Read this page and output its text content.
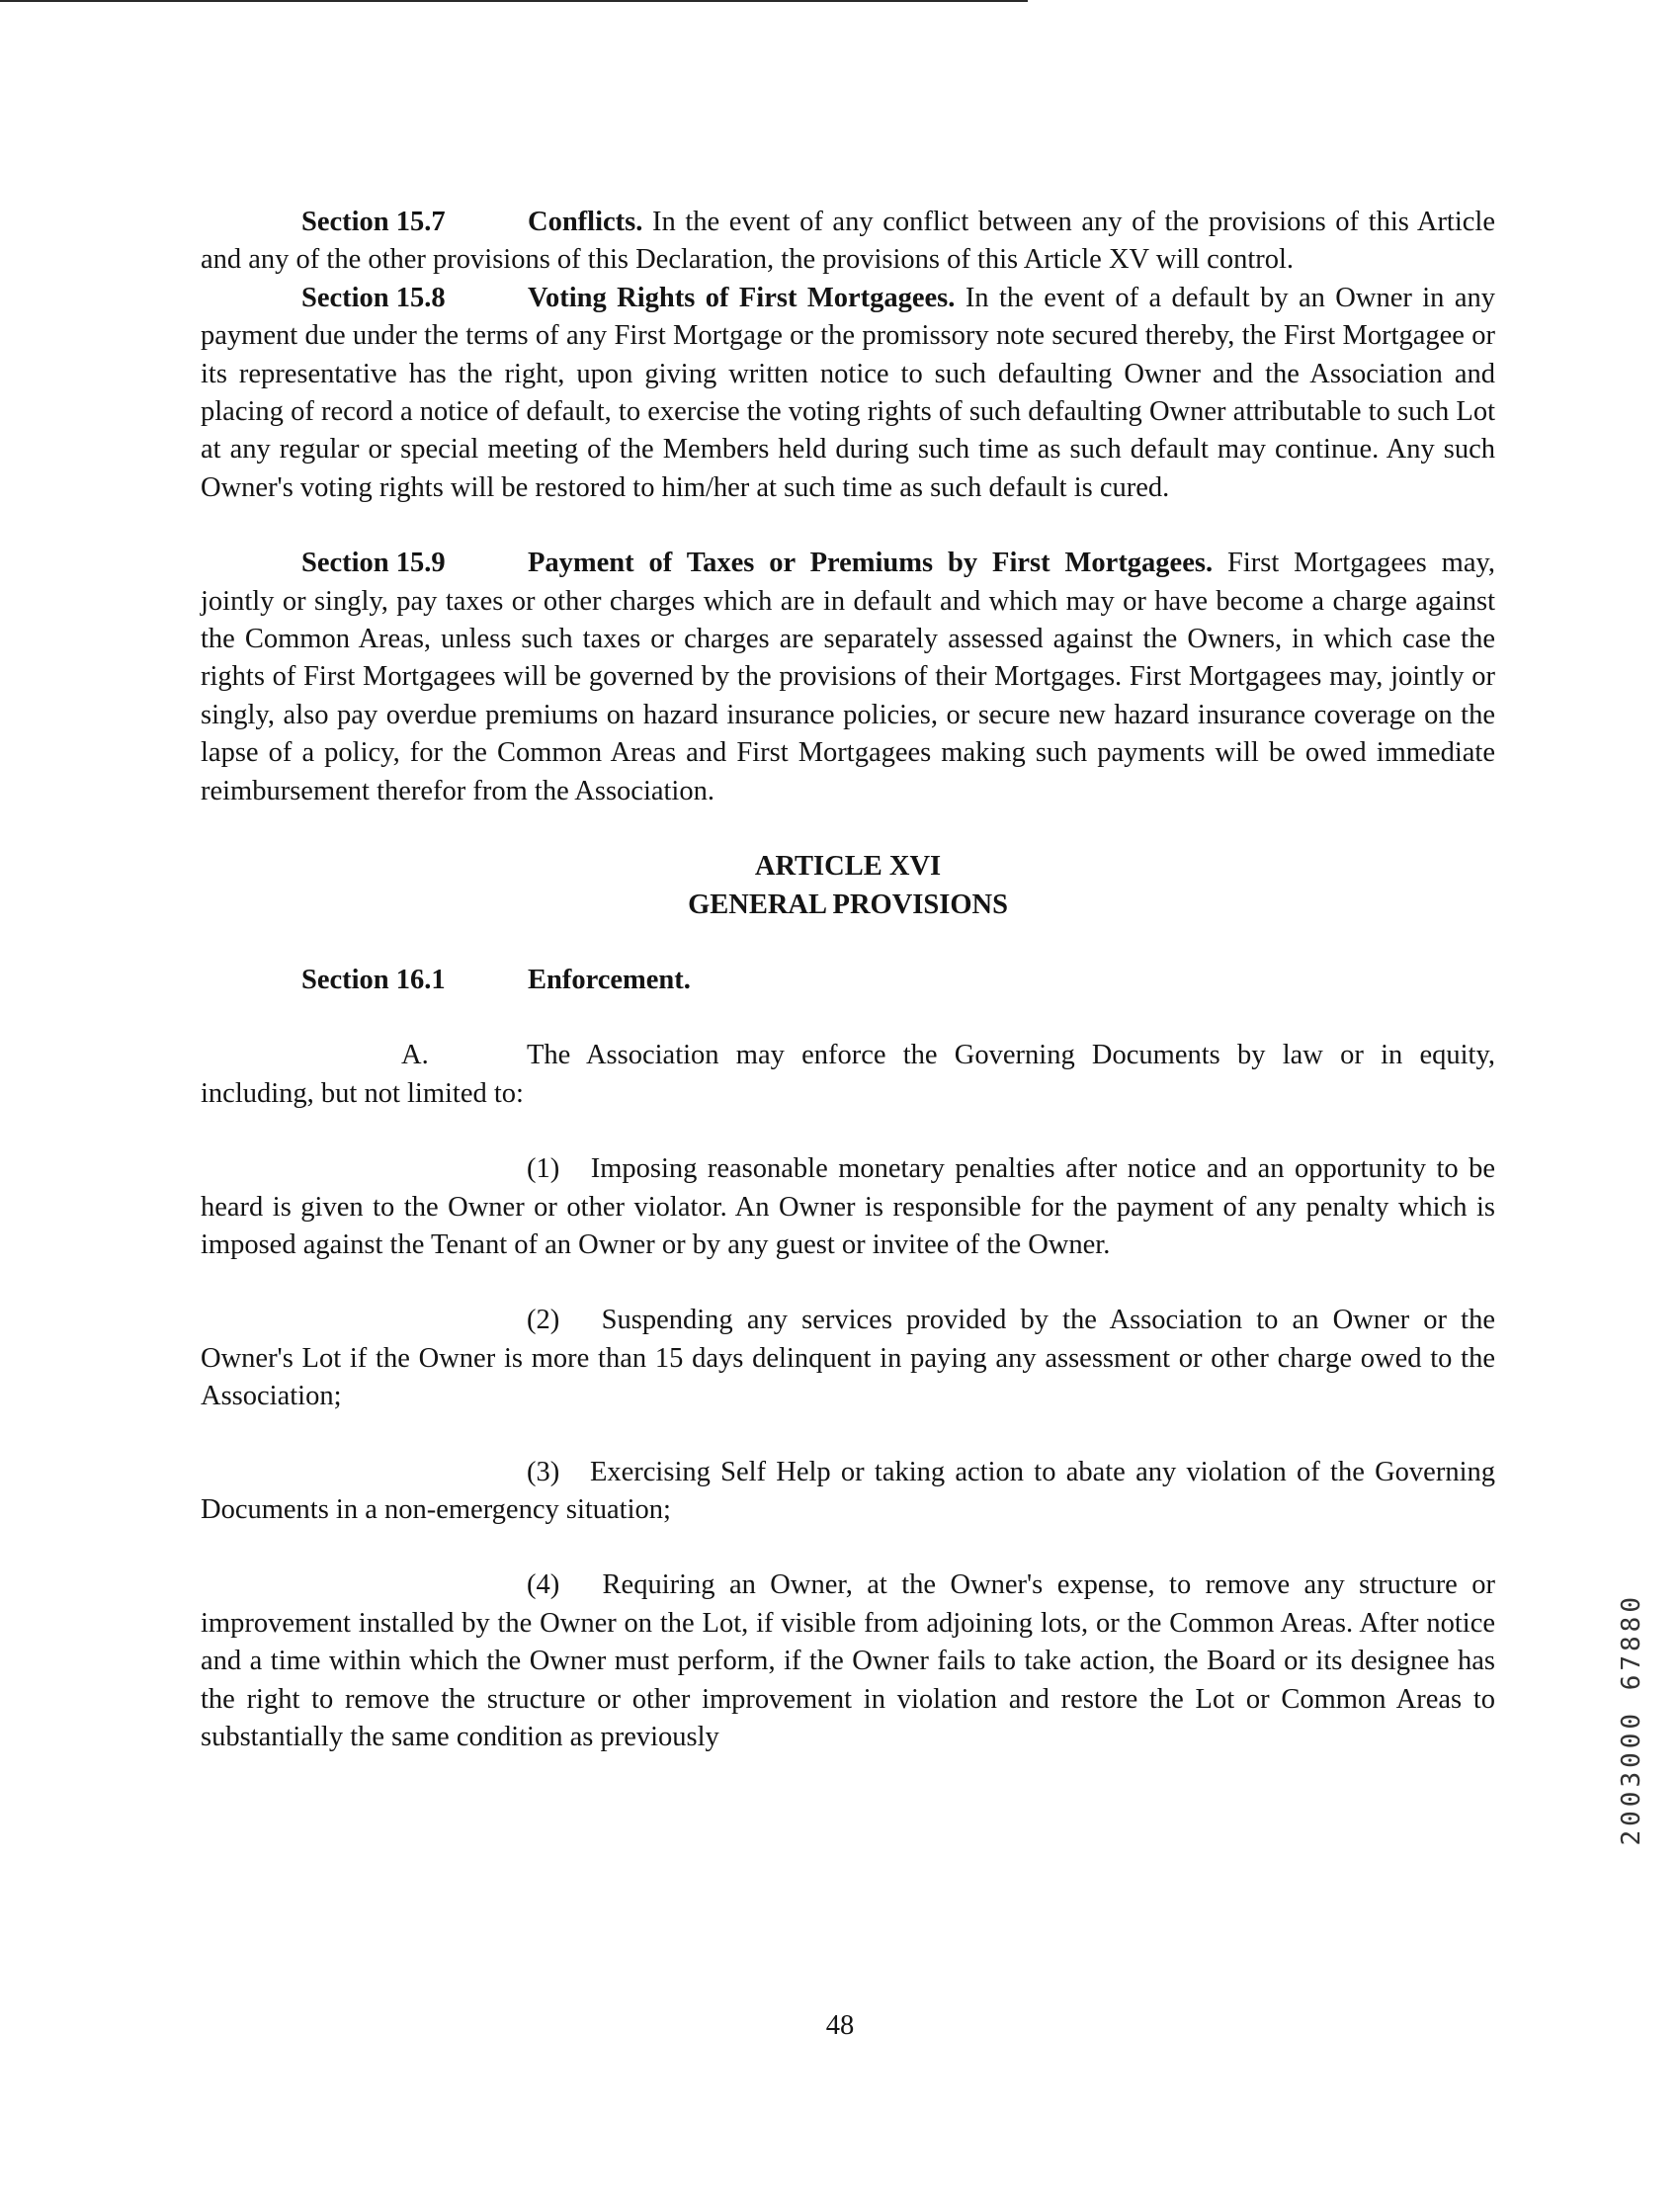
Section 15.7	Conflicts. In the event of any conflict between any of the provisions of this Article and any of the other provisions of this Declaration, the provisions of this Article XV will control.

Section 15.8	Voting Rights of First Mortgagees. In the event of a default by an Owner in any payment due under the terms of any First Mortgage or the promissory note secured thereby, the First Mortgagee or its representative has the right, upon giving written notice to such defaulting Owner and the Association and placing of record a notice of default, to exercise the voting rights of such defaulting Owner attributable to such Lot at any regular or special meeting of the Members held during such time as such default may continue. Any such Owner's voting rights will be restored to him/her at such time as such default is cured.

Section 15.9	Payment of Taxes or Premiums by First Mortgagees. First Mortgagees may, jointly or singly, pay taxes or other charges which are in default and which may or have become a charge against the Common Areas, unless such taxes or charges are separately assessed against the Owners, in which case the rights of First Mortgagees will be governed by the provisions of their Mortgages. First Mortgagees may, jointly or singly, also pay overdue premiums on hazard insurance policies, or secure new hazard insurance coverage on the lapse of a policy, for the Common Areas and First Mortgagees making such payments will be owed immediate reimbursement therefor from the Association.

ARTICLE XVI
GENERAL PROVISIONS
Section 16.1	Enforcement.

A.	The Association may enforce the Governing Documents by law or in equity, including, but not limited to:

(1) Imposing reasonable monetary penalties after notice and an opportunity to be heard is given to the Owner or other violator. An Owner is responsible for the payment of any penalty which is imposed against the Tenant of an Owner or by any guest or invitee of the Owner.

(2) Suspending any services provided by the Association to an Owner or the Owner's Lot if the Owner is more than 15 days delinquent in paying any assessment or other charge owed to the Association;

(3) Exercising Self Help or taking action to abate any violation of the Governing Documents in a non-emergency situation;

(4) Requiring an Owner, at the Owner's expense, to remove any structure or improvement installed by the Owner on the Lot, if visible from adjoining lots, or the Common Areas. After notice and a time within which the Owner must perform, if the Owner fails to take action, the Board or its designee has the right to remove the structure or other improvement in violation and restore the Lot or Common Areas to substantially the same condition as previously

48
2003000 67880
